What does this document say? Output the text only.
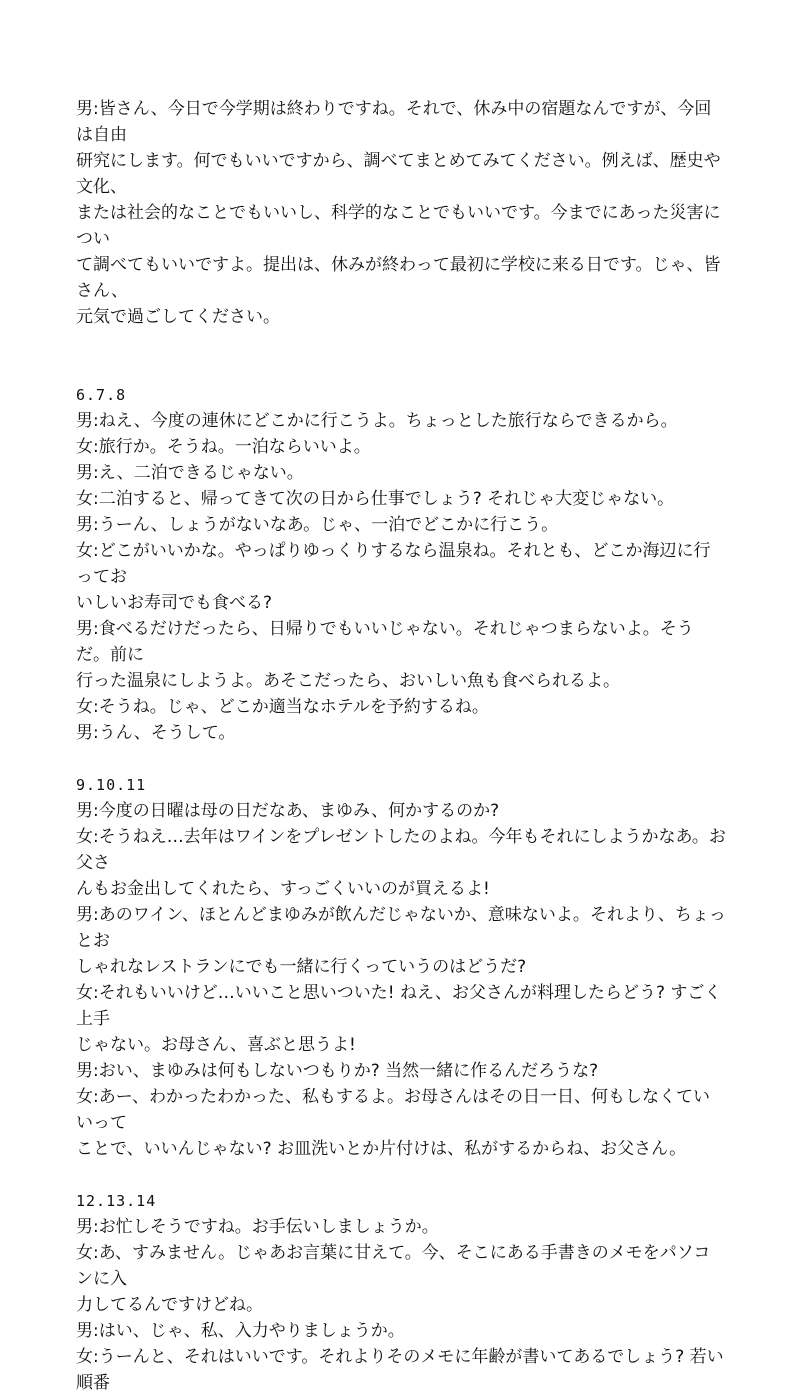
男:皆さん、今日で今学期は終わりですね。それで、休み中の宿題なんですが、今回は自由

研究にします。何でもいいですから、調べてまとめてみてください。例えば、歴史や文化、

または社会的なことでもいいし、科学的なことでもいいです。今までにあった災害につい

て調べてもいいですよ。提出は、休みが終わって最初に学校に来る日です。じゃ、皆さん、

元気で過ごしてください。

6.7.8

男:ねえ、今度の連休にどこかに行こうよ。ちょっとした旅行ならできるから。

女:旅行か。そうね。一泊ならいいよ。

男:え、二泊できるじゃない。

女:二泊すると、帰ってきて次の日から仕事でしょう? それじゃ大変じゃない。

男:うーん、しょうがないなあ。じゃ、一泊でどこかに行こう。

女:どこがいいかな。やっぱりゆっくりするなら温泉ね。それとも、どこか海辺に行ってお

いしいお寿司でも食べる?

男:食べるだけだったら、日帰りでもいいじゃない。それじゃつまらないよ。そうだ。前に

行った温泉にしようよ。あそこだったら、おいしい魚も食べられるよ。

女:そうね。じゃ、どこか適当なホテルを予約するね。

男:うん、そうして。

9.10.11

男:今度の日曜は母の日だなあ、まゆみ、何かするのか?

女:そうねえ…去年はワインをプレゼントしたのよね。今年もそれにしようかなあ。お父さ

んもお金出してくれたら、すっごくいいのが買えるよ!

男:あのワイン、ほとんどまゆみが飲んだじゃないか、意味ないよ。それより、ちょっとお

しゃれなレストランにでも一緒に行くっていうのはどうだ?

女:それもいいけど…いいこと思いついた! ねえ、お父さんが料理したらどう? すごく上手

じゃない。お母さん、喜ぶと思うよ!

男:おい、まゆみは何もしないつもりか? 当然一緒に作るんだろうな?

女:あー、わかったわかった、私もするよ。お母さんはその日一日、何もしなくていいって

ことで、いいんじゃない? お皿洗いとか片付けは、私がするからね、お父さん。

12.13.14

男:お忙しそうですね。お手伝いしましょうか。

女:あ、すみません。じゃあお言葉に甘えて。今、そこにある手書きのメモをパソコンに入

力してるんですけどね。

男:はい、じゃ、私、入力やりましょうか。

女:うーんと、それはいいです。それよりそのメモに年齢が書いてあるでしょう? 若い順番
